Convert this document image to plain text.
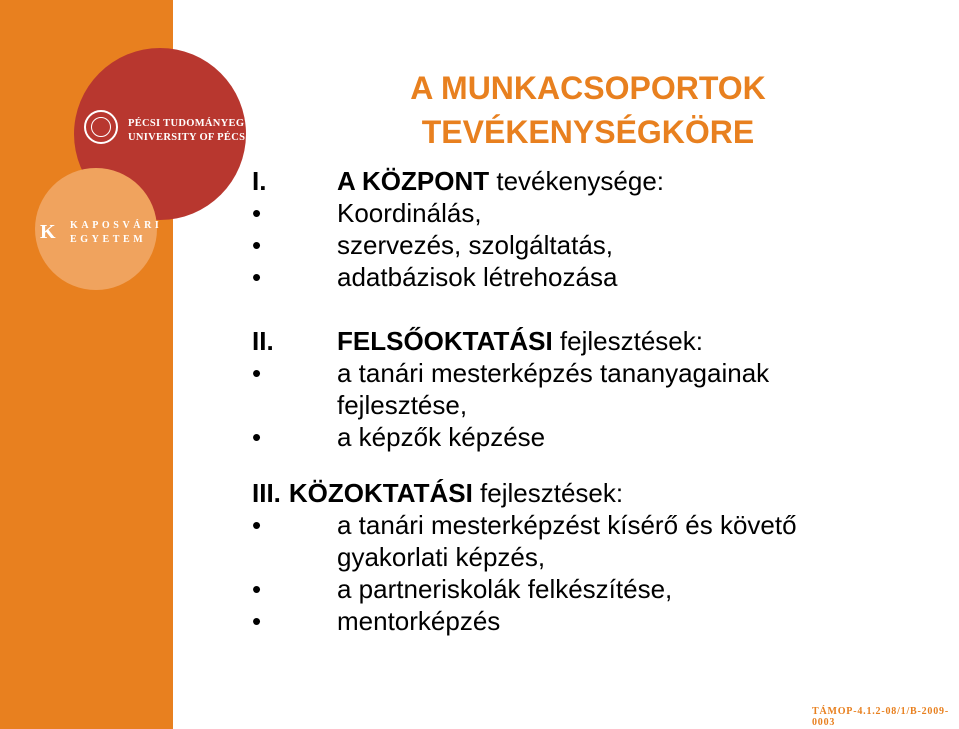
PÉCSI TUDOMÁNYEGYETEM
UNIVERSITY OF PÉCS
K KAPOSVÁRI
EGYETEM
A MUNKACSOPORTOK
TEVÉKENYSÉGKÖRE
I.	A KÖZPONT tevékenysége:
•	Koordinálás,
•	szervezés, szolgáltatás,
•	adatbázisok létrehozása
II.	FELSŐOKTATÁSI fejlesztések:
•	a tanári mesterképzés tananyagainak
fejlesztése,
•	a képzők képzése
III. KÖZOKTATÁSI fejlesztések:
•	a tanári mesterképzést kísérő és követő
gyakorlati képzés,
•	a partneriskolák felkészítése,
•	mentorképzés
TÁMOP-4.1.2-08/1/B-2009-0003
